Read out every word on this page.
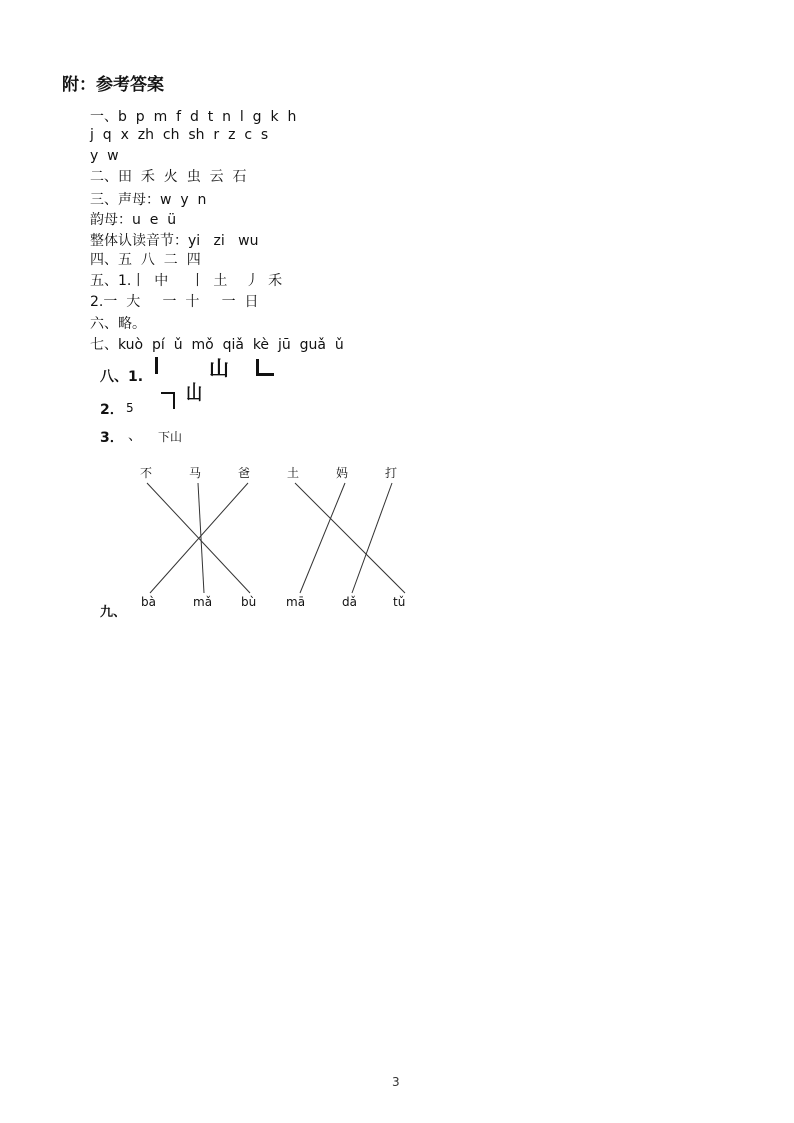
附：参考答案
一、b  p  m  f  d  t  n  l  g  k  h
j  q  x  zh  ch  sh  r  z  c  s
y  w
二、田  禾  火  虫  云  石
三、声母：w  y  n
韵母：u  e  ü
整体认读音节：yi   zi   wu
四、五  八  二  四
五、1.丨  中     丨  土    丿  禾
2.一  大     一  十     一  日
六、略。
七、kuò  pí  ǔ  mǒ  qiǎ  kè  jū  guǎ  ǔ
八、1.

山

山
2． 5
3． 、 下山
不	马	爸	土	妈	打
九、
bà	mǎ bù mā	dǎ	tǔ
3
